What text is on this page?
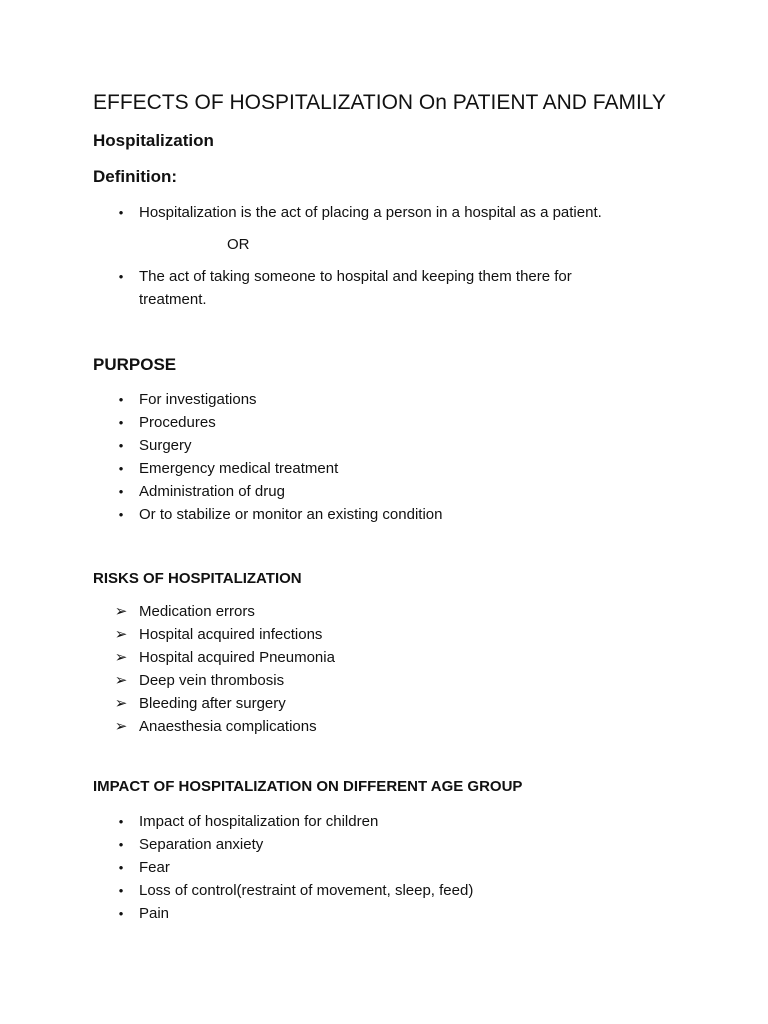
EFFECTS OF HOSPITALIZATION On PATIENT AND FAMILY
Hospitalization
Definition:
•	Hospitalization is the act of placing a person in a hospital as a patient.
OR
•	The act of taking someone to hospital and keeping them there for treatment.
PURPOSE
•	For investigations
•	Procedures
•	Surgery
•	Emergency medical treatment
•	Administration of drug
•	Or to stabilize or monitor an existing condition
RISKS OF HOSPITALIZATION
➢ Medication errors
➢ Hospital acquired infections
➢ Hospital acquired Pneumonia
➢ Deep vein thrombosis
➢ Bleeding after surgery
➢ Anaesthesia complications
IMPACT OF HOSPITALIZATION ON DIFFERENT AGE GROUP
•	Impact of hospitalization for children
•	Separation anxiety
•	Fear
•	Loss of control(restraint of movement, sleep, feed)
•	Pain
